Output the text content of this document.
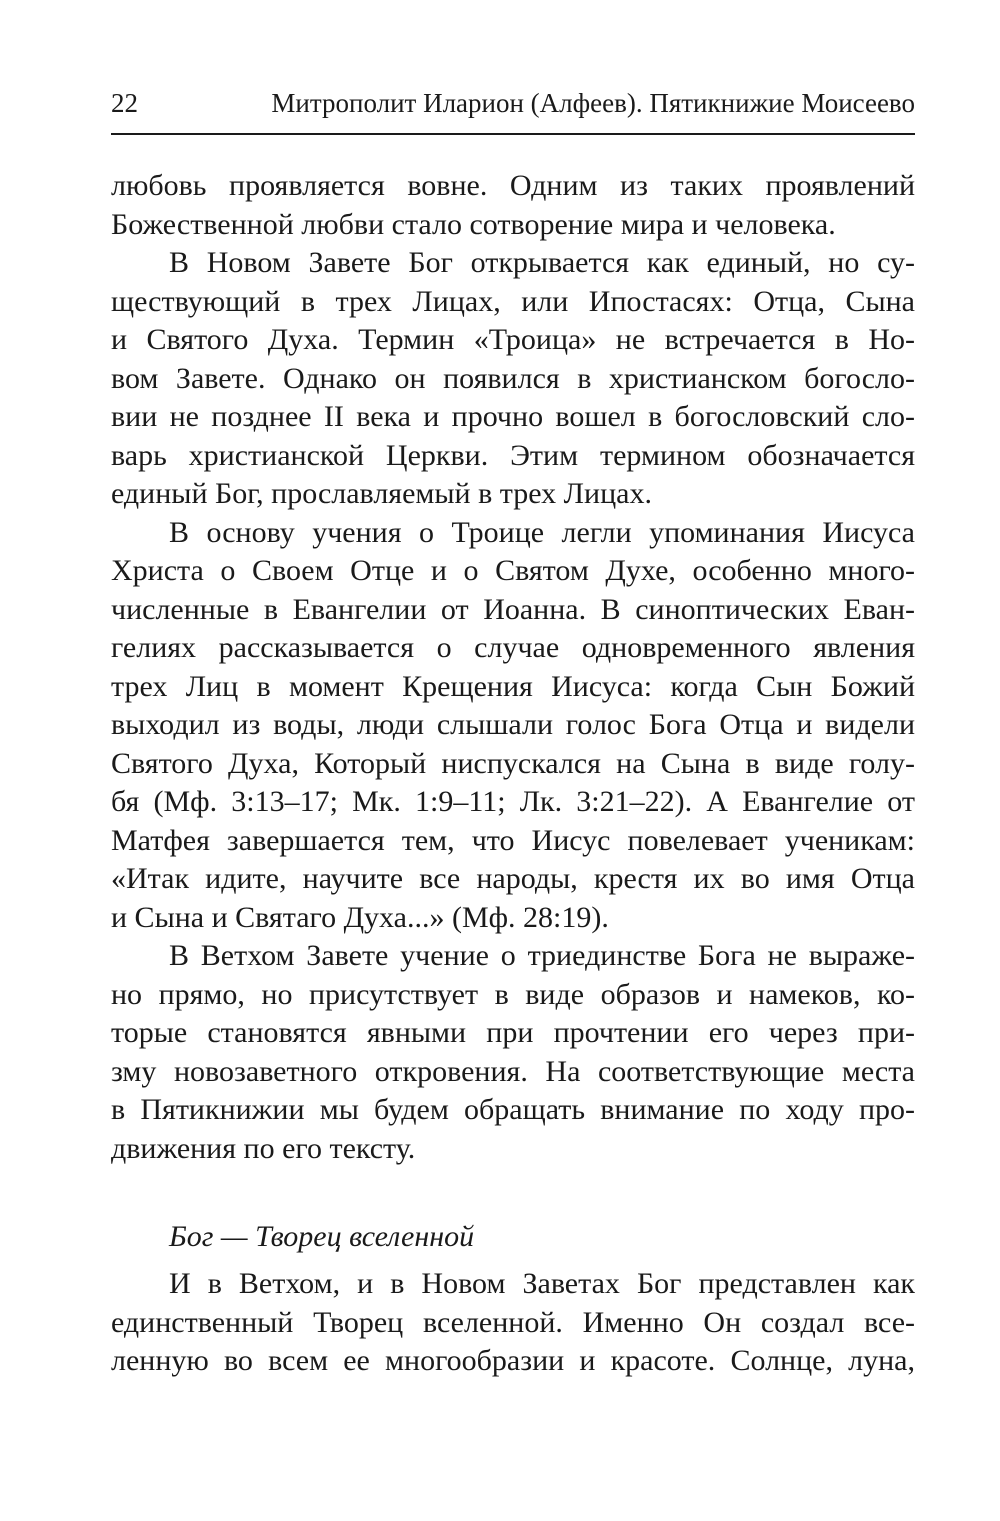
22	Митрополит Иларион (Алфеев). Пятикнижие Моисеево
любовь проявляется вовне. Одним из таких проявлений
Божественной любви стало сотворение мира и человека.
В Новом Завете Бог открывается как единый, но су-
ществующий в трех Лицах, или Ипостасях: Отца, Сына
и Святого Духа. Термин «Троица» не встречается в Но-
вом Завете. Однако он появился в христианском богосло-
вии не позднее II века и прочно вошел в богословский сло-
варь христианской Церкви. Этим термином обозначается
единый Бог, прославляемый в трех Лицах.
В основу учения о Троице легли упоминания Иисуса
Христа о Своем Отце и о Святом Духе, особенно много-
численные в Евангелии от Иоанна. В синоптических Еван-
гелиях рассказывается о случае одновременного явления
трех Лиц в момент Крещения Иисуса: когда Сын Божий
выходил из воды, люди слышали голос Бога Отца и видели
Святого Духа, Который ниспускался на Сына в виде голу-
бя (Мф. 3:13–17; Мк. 1:9–11; Лк. 3:21–22). А Евангелие от
Матфея завершается тем, что Иисус повелевает ученикам:
«Итак идите, научите все народы, крестя их во имя Отца
и Сына и Святаго Духа...» (Мф. 28:19).
В Ветхом Завете учение о триединстве Бога не выраже-
но прямо, но присутствует в виде образов и намеков, ко-
торые становятся явными при прочтении его через при-
зму новозаветного откровения. На соответствующие места
в Пятикнижии мы будем обращать внимание по ходу про-
движения по его тексту.
Бог — Творец вселенной
И в Ветхом, и в Новом Заветах Бог представлен как
единственный Творец вселенной. Именно Он создал все-
ленную во всем ее многообразии и красоте. Солнце, луна,
